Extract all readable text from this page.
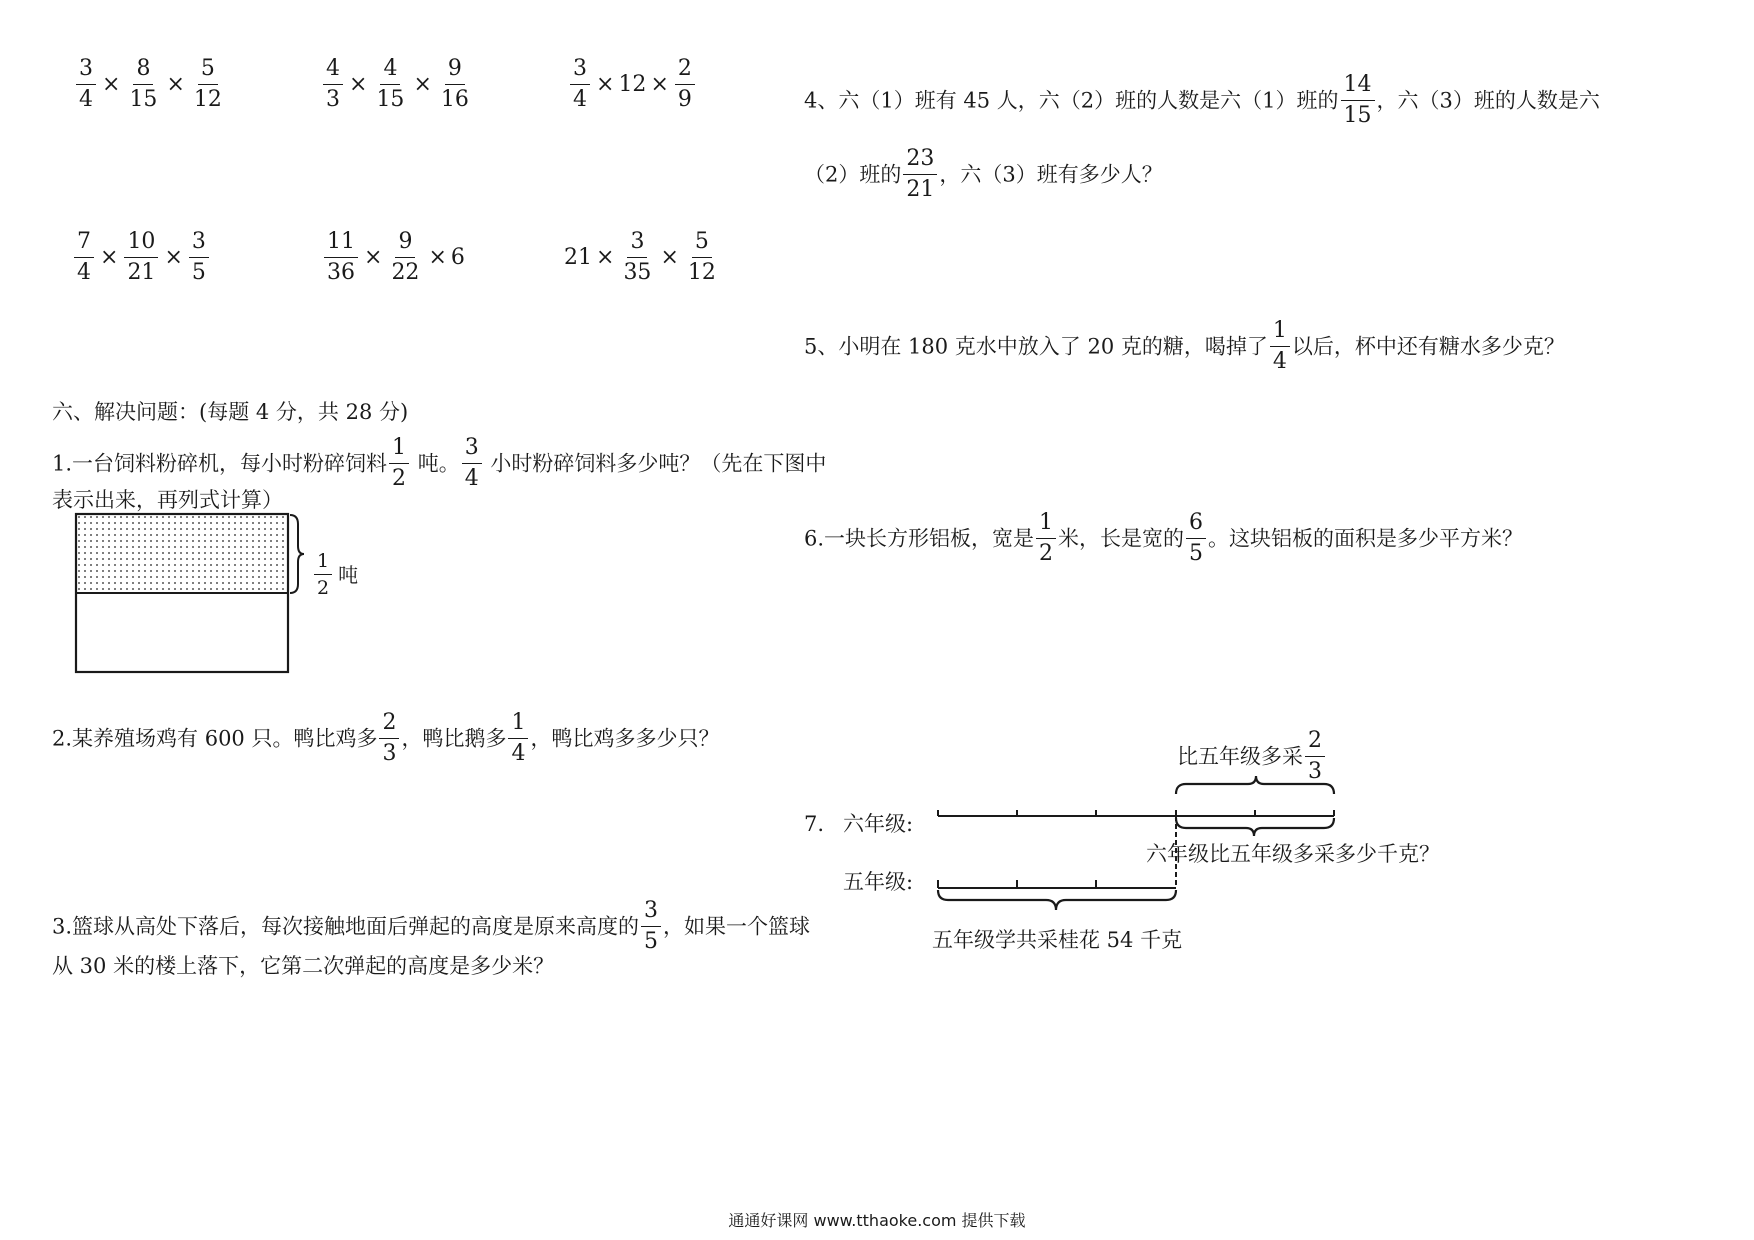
$\frac{3}{4} \times \frac{8}{15} \times \frac{5}{12}$	$\frac{4}{3} \times \frac{4}{15} \times \frac{9}{16}$	$\frac{3}{4} \times 12 \times \frac{2}{9}$
$\frac{7}{4} \times \frac{10}{21} \times \frac{3}{5}$	$\frac{11}{36} \times \frac{9}{22} \times 6$	$21 \times \frac{3}{35} \times \frac{5}{12}$
六、解决问题：(每题 4 分，共 28 分)
1.一台饲料粉碎机，每小时粉碎饲料 $\frac{1}{2}$ 吨。 $\frac{3}{4}$ 小时粉碎饲料多少吨？（先在下图中
表示出来，再列式计算）
$\frac{1}{2}$ 吨
2.某养殖场鸡有 600 只。鸭比鸡多 $\frac{2}{3}$ ，鸭比鹅多 $\frac{1}{4}$ ，鸭比鸡多多少只？
3.篮球从高处下落后，每次接触地面后弹起的高度是原来高度的 $\frac{3}{5}$ ，如果一个篮球
从 30 米的楼上落下，它第二次弹起的高度是多少米？
4、六（1）班有 45 人，六（2）班的人数是六（1）班的 $\frac{14}{15}$ ，六（3）班的人数是六
（2）班的 $\frac{23}{21}$ ，六（3）班有多少人？
5、小明在 180 克水中放入了 20 克的糖，喝掉了 $\frac{1}{4}$ 以后，杯中还有糖水多少克？
6.一块长方形铝板，宽是 $\frac{1}{2}$ 米，长是宽的 $\frac{6}{5}$ 。这块铝板的面积是多少平方米？
7. 六年级:
五年级:
比五年级多采 $\frac{2}{3}$
六年级比五年级多采多少千克？
五年级学共采桂花 54 千克
通通好课网 www.tthaoke.com 提供下载
